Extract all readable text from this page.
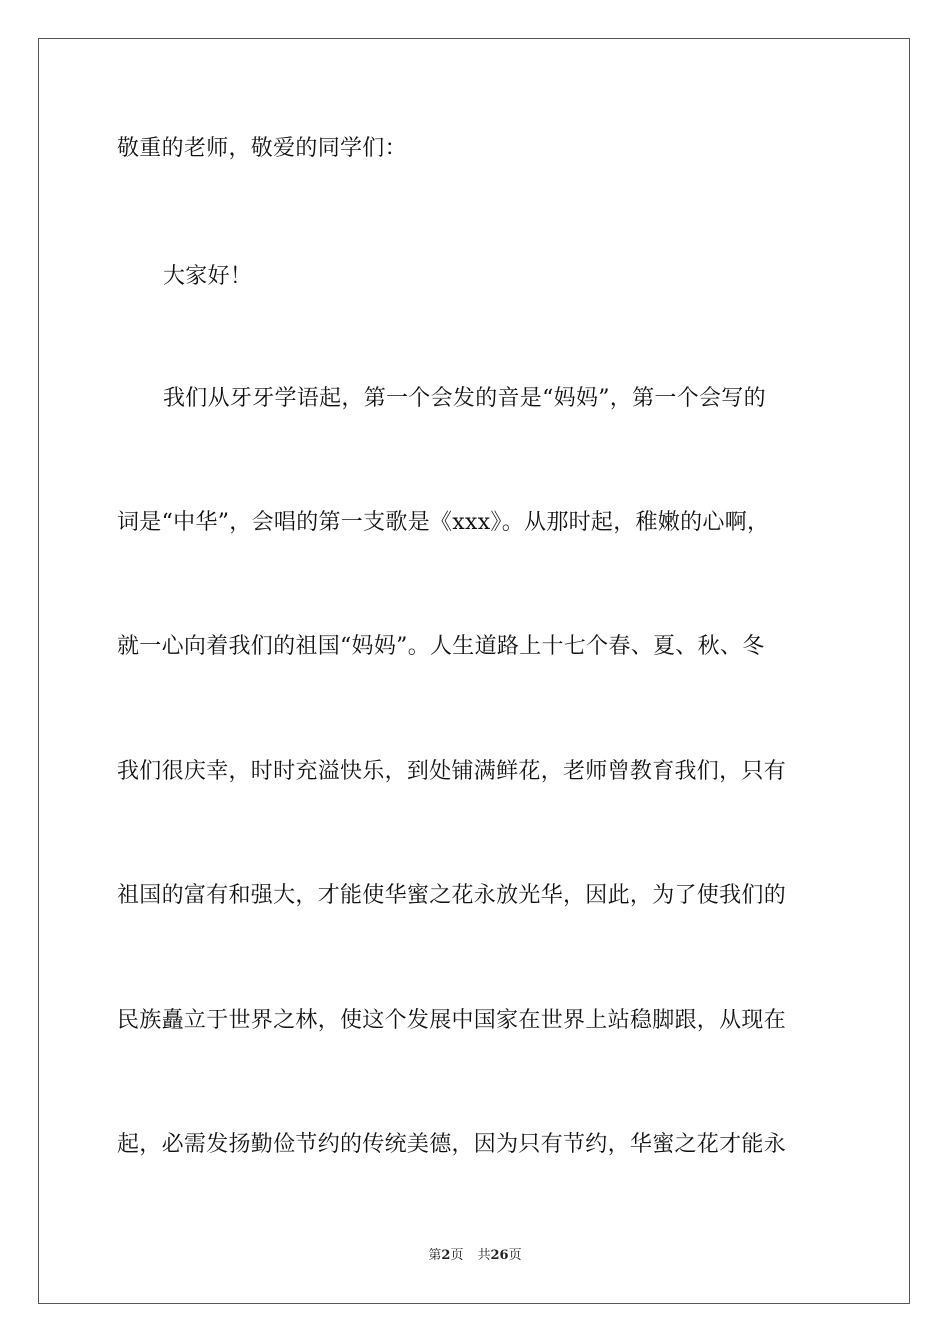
敬重的老师，敬爱的同学们：
大家好！
我们从牙牙学语起，第一个会发的音是“妈妈”，第一个会写的
词是“中华”，会唱的第一支歌是《xxx》。从那时起，稚嫩的心啊，
就一心向着我们的祖国“妈妈”。人生道路上十七个春、夏、秋、冬
我们很庆幸，时时充溢快乐，到处铺满鲜花，老师曾教育我们，只有
祖国的富有和强大，才能使华蜜之花永放光华，因此，为了使我们的
民族矗立于世界之林，使这个发展中国家在世界上站稳脚跟，从现在
起，必需发扬勤俭节约的传统美德，因为只有节约，华蜜之花才能永
第2页 共26页
